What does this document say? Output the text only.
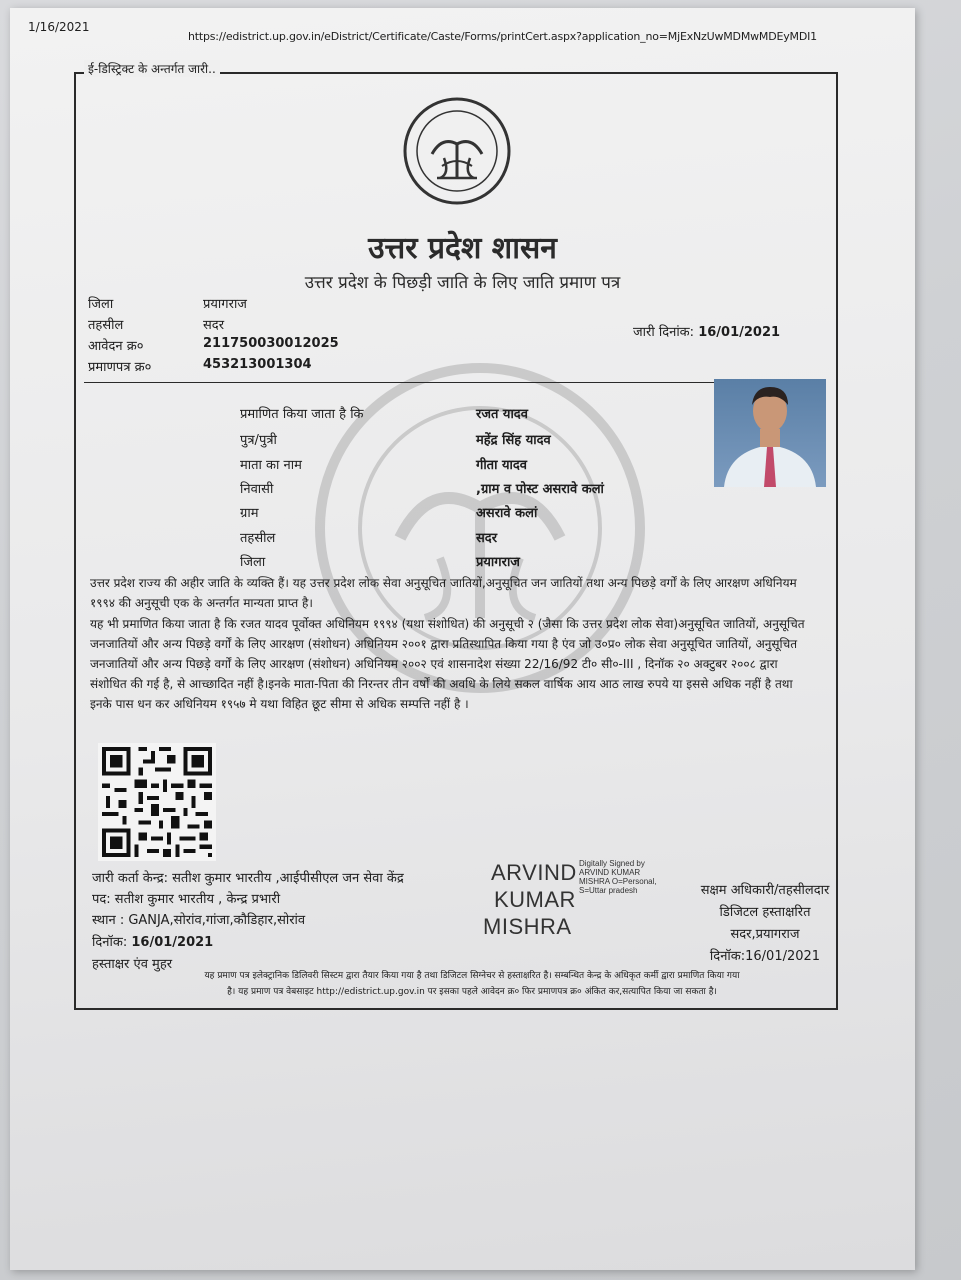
1/16/2021
https://edistrict.up.gov.in/eDistrict/Certificate/Caste/Forms/printCert.aspx?application_no=MjExNzUwMDMwMDEyMDI1
ई-डिस्ट्रिक्ट के अन्तर्गत जारी..
उत्तर प्रदेश शासन
उत्तर प्रदेश के पिछड़ी जाति के लिए जाति प्रमाण पत्र
जिला	प्रयागराज
तहसील	सदर
आवेदन क्र०	211750030012025
प्रमाणपत्र क्र०	453213001304
जारी दिनांक: 16/01/2021
प्रमाणित किया जाता है कि	रजत यादव
पुत्र/पुत्री	महेंद्र सिंह यादव
माता का नाम	गीता यादव
निवासी	,ग्राम व पोस्ट असरावे कलां
ग्राम	असरावे कलां
तहसील	सदर
जिला	प्रयागराज
उत्तर प्रदेश राज्य की अहीर जाति के व्यक्ति हैं। यह उत्तर प्रदेश लोक सेवा अनुसूचित जातियों,अनुसूचित जन जातियों तथा अन्य पिछड़े वर्गों के लिए आरक्षण अधिनियम १९९४ की अनुसूची एक के अन्तर्गत मान्यता प्राप्त है।
यह भी प्रमाणित किया जाता है कि रजत यादव पूर्वोक्त अधिनियम १९९४ (यथा संशोधित) की अनुसूची २ (जैसा कि उत्तर प्रदेश लोक सेवा)अनुसूचित जातियों, अनुसूचित जनजातियों और अन्य पिछड़े वर्गों के लिए आरक्षण (संशोधन) अधिनियम २००१ द्वारा प्रतिस्थापित किया गया है एंव जो उ०प्र० लोक सेवा अनुसूचित जातियों, अनुसूचित जनजातियों और अन्य पिछड़े वर्गों के लिए आरक्षण (संशोधन) अधिनियम २००२ एवं शासनादेश संख्या 22/16/92 टी० सी०-III , दिनॉक २० अक्टुबर २००८ द्वारा संशोधित की गई है, से आच्छादित नहीं है।इनके माता-पिता की निरन्तर तीन वर्षों की अवधि के लिये सकल वार्षिक आय आठ लाख रुपये या इससे अधिक नहीं है तथा इनके पास धन कर अधिनियम १९५७ मे यथा विहित छूट सीमा से अधिक सम्पत्ति नहीं है ।
जारी कर्ता केन्द्र: सतीश कुमार भारतीय ,आईपीसीएल जन सेवा केंद्र
पद: सतीश कुमार भारतीय , केन्द्र प्रभारी
स्थान : GANJA,सोरांव,गांजा,कौडिहार,सोरांव
दिनॉक: 16/01/2021
हस्ताक्षर एंव मुहर
ARVIND
KUMAR
MISHRA
Digitally Signed by
ARVIND KUMAR
MISHRA O=Personal,
S=Uttar pradesh	सक्षम अधिकारी/तहसीलदार
डिजिटल हस्ताक्षरित
सदर,प्रयागराज
दिनॉक:16/01/2021
यह प्रमाण पत्र इलेक्ट्रानिक डिलिवरी सिस्टम द्वारा तैयार किया गया है तथा डिजिटल सिग्नेचर से हस्ताक्षरित है। सम्बन्धित केन्द्र के अधिकृत कर्मी द्वारा प्रमाणित किया गया
है। यह प्रमाण पत्र वेबसाइट http://edistrict.up.gov.in पर इसका पहले आवेदन क्र० फिर प्रमाणपत्र क्र० अंकित कर,सत्यापित किया जा सकता है।
